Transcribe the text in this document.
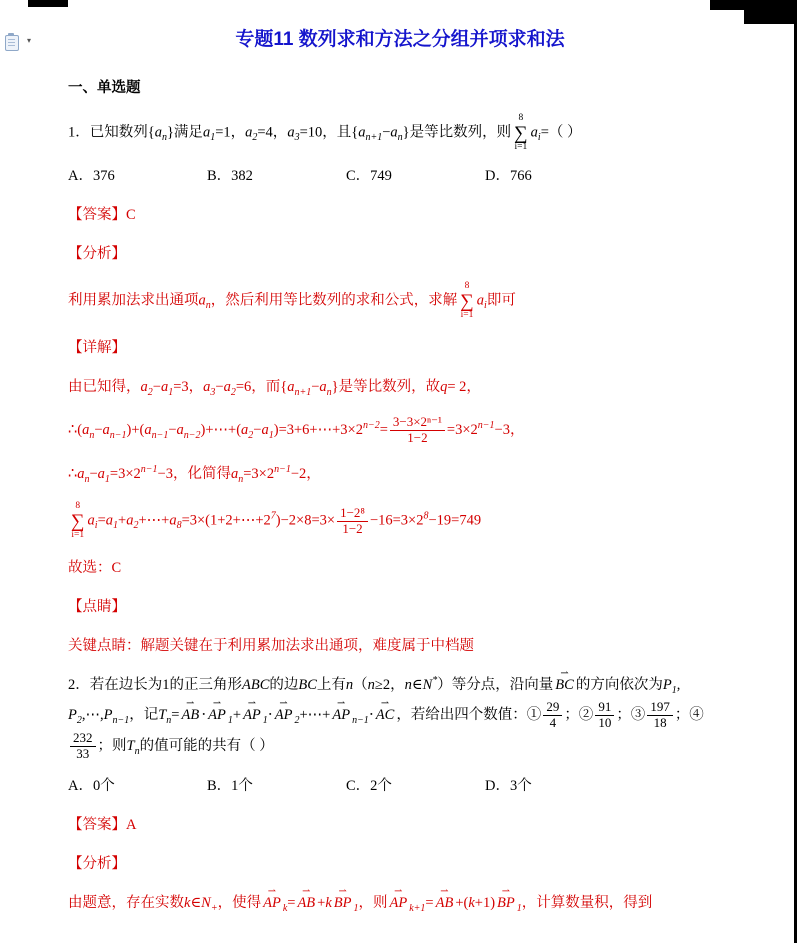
▾	专题11 数列求和方法之分组并项求和法
一、单选题
1．已知数列$\{a_n\}$满足$a_1=1$，$a_2=4$，$a_3=10$，且$\{a_{n+1}-a_n\}$是等比数列，则
8
∑
i=1
$a_i=$（ ）
A．376	B．382	C．749	D．766
【答案】C
【分析】
利用累加法求出通项$a_n$，然后利用等比数列的求和公式，求解
8
∑
i=1
$a_i$即可
【详解】
由已知得，$a_2-a_1=3$，$a_3-a_2=6$，而$\{a_{n+1}-a_n\}$是等比数列，故q= 2，
$\therefore(a_n-a_{n-1})+(a_{n-1}-a_{n-2})+\cdots+(a_2-a_1)=3+6+\cdots+3\times 2^{n-2}= \frac{\text{3−3×2ⁿ⁻¹}}{1-2} =3\times 2^{n-1}-3$，
$\therefore a_n-a_1=3\times 2^{n-1}-3$，化简得$a_n=3\times 2^{n-1}-2$，
8
∑
i=1
$a_i=a_1+a_2+\cdots+a_8=3\times(1+2+\cdots+2^7)-2\times 8=3\times \frac{\text{1−2⁸}}{1-2} -16=3\times 2^8-19=749$
故选：C
【点睛】
关键点睛：解题关键在于利用累加法求出通项，难度属于中档题
2．若在边长为1的正三角形ABC的边BC上有n（n≥2，n∈N*）等分点，沿向量 ⇀ BC 的方向依次为$P_1$, $P_2,\cdots,P_{n-1}$，记$T_n=$ ⇀ AB ⋅ ⇀ AP $_1$+ ⇀ AP $_1$⋅ ⇀ AP $_2$+⋯+ ⇀ AP $_{n-1}$⋅ ⇀ AC ，若给出四个数值：① $\frac{29}{4}$ ；② $\frac{91}{10}$ ；③ $\frac{197}{18}$ ；④
$\frac{232}{33}$ ；则$T_n$的值可能的共有（ ）
A．0个	B．1个	C．2个	D．3个
【答案】A
【分析】
由题意，存在实数$k\in N_+$，使得 ⇀ AP $_k$= ⇀ AB +k ⇀ BP $_1$，则 ⇀ AP $_{k+1}$= ⇀ AB +(k+1) ⇀ BP $_1$，计算数量积，得到
